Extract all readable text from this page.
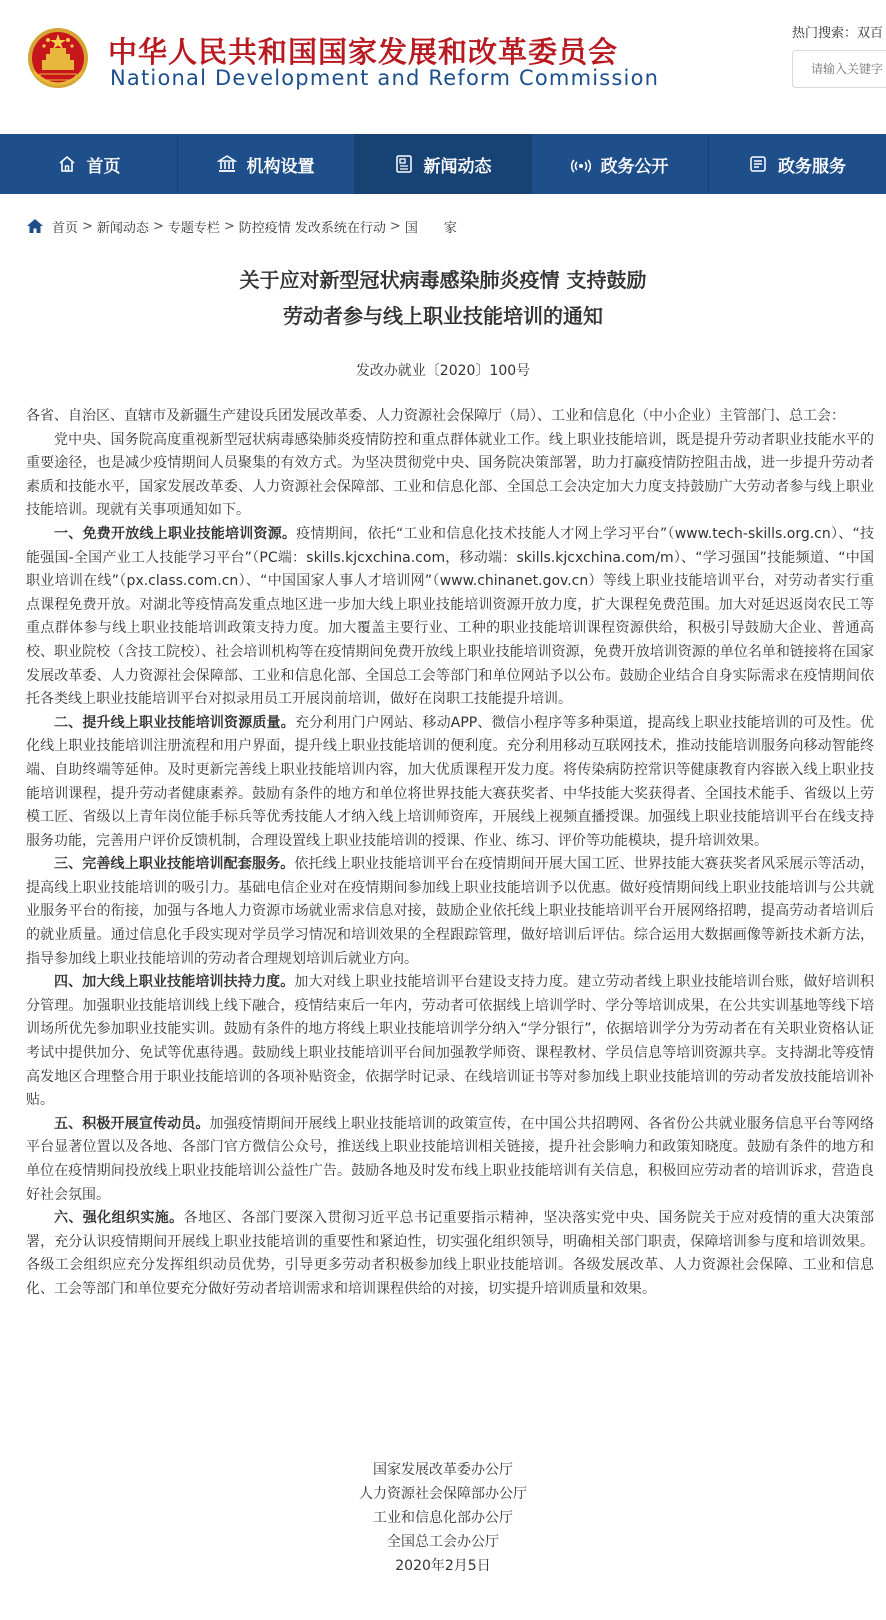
中华人民共和国国家发展和改革委员会
National Development and Reform Commission
热门搜索：双百
请输入关键字
首页	机构设置	新闻动态	政务公开	政务服务
首页 > 新闻动态 > 专题专栏 > 防控疫情 发改系统在行动 > 国　　家
关于应对新型冠状病毒感染肺炎疫情 支持鼓励
劳动者参与线上职业技能培训的通知
发改办就业〔2020〕100号

各省、自治区、直辖市及新疆生产建设兵团发展改革委、人力资源社会保障厅（局）、工业和信息化（中小企业）主管部门、总工会：

党中央、国务院高度重视新型冠状病毒感染肺炎疫情防控和重点群体就业工作。线上职业技能培训，既是提升劳动者职业技能水平的重要途径，也是减少疫情期间人员聚集的有效方式。为坚决贯彻党中央、国务院决策部署，助力打赢疫情防控阻击战，进一步提升劳动者素质和技能水平，国家发展改革委、人力资源社会保障部、工业和信息化部、全国总工会决定加大力度支持鼓励广大劳动者参与线上职业技能培训。现就有关事项通知如下。

一、免费开放线上职业技能培训资源。疫情期间，依托“工业和信息化技术技能人才网上学习平台”（www.tech-skills.org.cn）、“技能强国-全国产业工人技能学习平台”（PC端：skills.kjcxchina.com，移动端：skills.kjcxchina.com/m）、“学习强国”技能频道、“中国职业培训在线”（px.class.com.cn）、“中国国家人事人才培训网”（www.chinanet.gov.cn）等线上职业技能培训平台，对劳动者实行重点课程免费开放。对湖北等疫情高发重点地区进一步加大线上职业技能培训资源开放力度，扩大课程免费范围。加大对延迟返岗农民工等重点群体参与线上职业技能培训政策支持力度。加大覆盖主要行业、工种的职业技能培训课程资源供给，积极引导鼓励大企业、普通高校、职业院校（含技工院校）、社会培训机构等在疫情期间免费开放线上职业技能培训资源，免费开放培训资源的单位名单和链接将在国家发展改革委、人力资源社会保障部、工业和信息化部、全国总工会等部门和单位网站予以公布。鼓励企业结合自身实际需求在疫情期间依托各类线上职业技能培训平台对拟录用员工开展岗前培训，做好在岗职工技能提升培训。

二、提升线上职业技能培训资源质量。充分利用门户网站、移动APP、微信小程序等多种渠道，提高线上职业技能培训的可及性。优化线上职业技能培训注册流程和用户界面，提升线上职业技能培训的便利度。充分利用移动互联网技术，推动技能培训服务向移动智能终端、自助终端等延伸。及时更新完善线上职业技能培训内容，加大优质课程开发力度。将传染病防控常识等健康教育内容嵌入线上职业技能培训课程，提升劳动者健康素养。鼓励有条件的地方和单位将世界技能大赛获奖者、中华技能大奖获得者、全国技术能手、省级以上劳模工匠、省级以上青年岗位能手标兵等优秀技能人才纳入线上培训师资库，开展线上视频直播授课。加强线上职业技能培训平台在线支持服务功能，完善用户评价反馈机制，合理设置线上职业技能培训的授课、作业、练习、评价等功能模块，提升培训效果。

三、完善线上职业技能培训配套服务。依托线上职业技能培训平台在疫情期间开展大国工匠、世界技能大赛获奖者风采展示等活动，提高线上职业技能培训的吸引力。基础电信企业对在疫情期间参加线上职业技能培训予以优惠。做好疫情期间线上职业技能培训与公共就业服务平台的衔接，加强与各地人力资源市场就业需求信息对接，鼓励企业依托线上职业技能培训平台开展网络招聘，提高劳动者培训后的就业质量。通过信息化手段实现对学员学习情况和培训效果的全程跟踪管理，做好培训后评估。综合运用大数据画像等新技术新方法，指导参加线上职业技能培训的劳动者合理规划培训后就业方向。

四、加大线上职业技能培训扶持力度。加大对线上职业技能培训平台建设支持力度。建立劳动者线上职业技能培训台账，做好培训积分管理。加强职业技能培训线上线下融合，疫情结束后一年内，劳动者可依据线上培训学时、学分等培训成果，在公共实训基地等线下培训场所优先参加职业技能实训。鼓励有条件的地方将线上职业技能培训学分纳入“学分银行”，依据培训学分为劳动者在有关职业资格认证考试中提供加分、免试等优惠待遇。鼓励线上职业技能培训平台间加强教学师资、课程教材、学员信息等培训资源共享。支持湖北等疫情高发地区合理整合用于职业技能培训的各项补贴资金，依据学时记录、在线培训证书等对参加线上职业技能培训的劳动者发放技能培训补贴。

五、积极开展宣传动员。加强疫情期间开展线上职业技能培训的政策宣传，在中国公共招聘网、各省份公共就业服务信息平台等网络平台显著位置以及各地、各部门官方微信公众号，推送线上职业技能培训相关链接，提升社会影响力和政策知晓度。鼓励有条件的地方和单位在疫情期间投放线上职业技能培训公益性广告。鼓励各地及时发布线上职业技能培训有关信息，积极回应劳动者的培训诉求，营造良好社会氛围。

六、强化组织实施。各地区、各部门要深入贯彻习近平总书记重要指示精神，坚决落实党中央、国务院关于应对疫情的重大决策部署，充分认识疫情期间开展线上职业技能培训的重要性和紧迫性，切实强化组织领导，明确相关部门职责，保障培训参与度和培训效果。各级工会组织应充分发挥组织动员优势，引导更多劳动者积极参加线上职业技能培训。各级发展改革、人力资源社会保障、工业和信息化、工会等部门和单位要充分做好劳动者培训需求和培训课程供给的对接，切实提升培训质量和效果。

国家发展改革委办公厅
人力资源社会保障部办公厅
工业和信息化部办公厅
全国总工会办公厅
2020年2月5日
